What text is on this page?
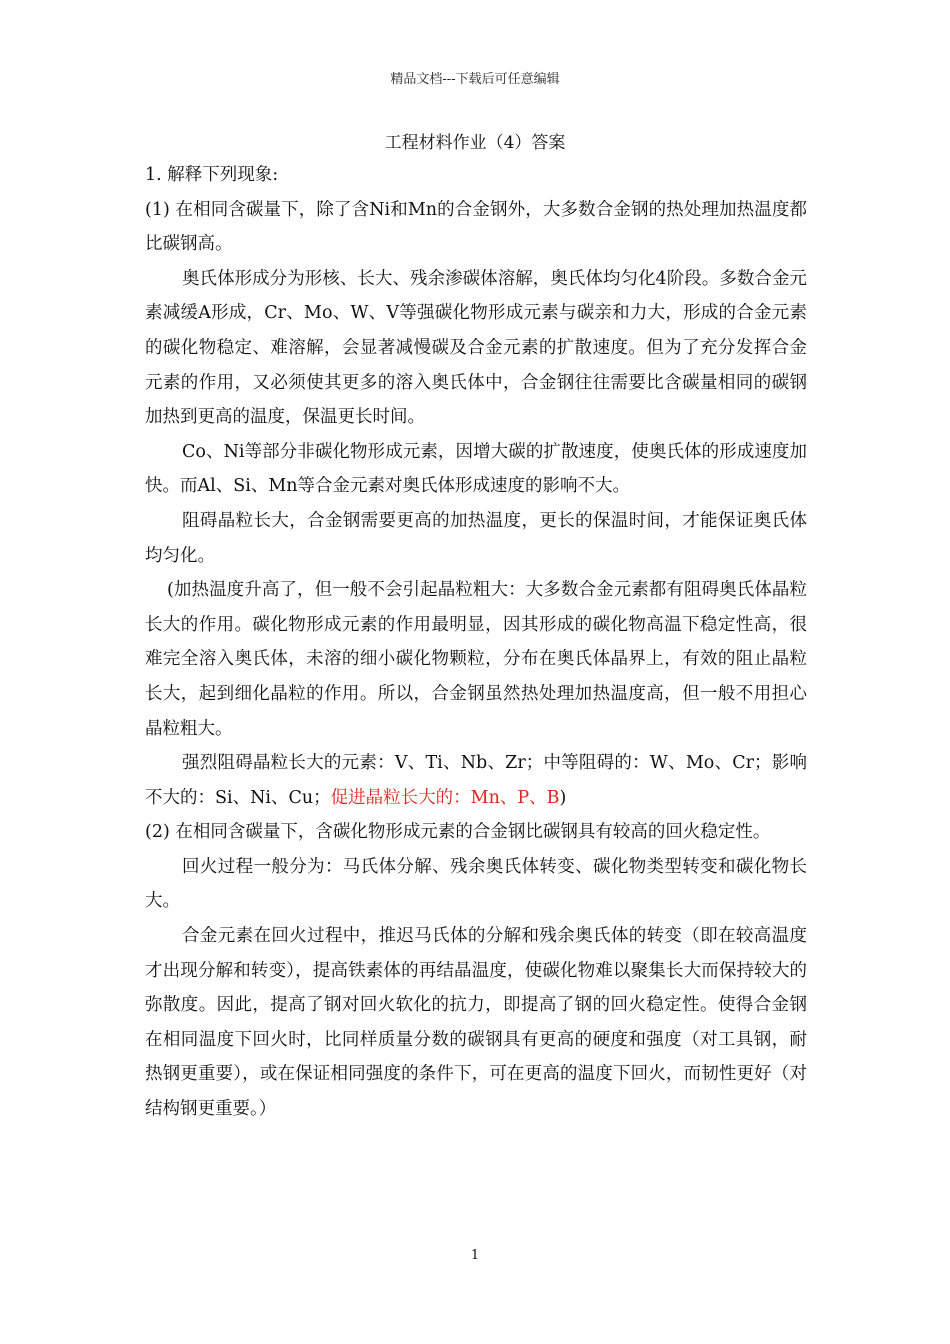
精品文档---下载后可任意编辑
工程材料作业（4）答案

1. 解释下列现象:

(1) 在相同含碳量下，除了含Ni和Mn的合金钢外，大多数合金钢的热处理加热温度都比碳钢高。

奥氏体形成分为形核、长大、残余渗碳体溶解，奥氏体均匀化4阶段。多数合金元素减缓A形成，Cr、Mo、W、V等强碳化物形成元素与碳亲和力大，形成的合金元素的碳化物稳定、难溶解，会显著减慢碳及合金元素的扩散速度。但为了充分发挥合金元素的作用，又必须使其更多的溶入奥氏体中，合金钢往往需要比含碳量相同的碳钢加热到更高的温度，保温更长时间。

Co、Ni等部分非碳化物形成元素，因增大碳的扩散速度，使奥氏体的形成速度加快。而Al、Si、Mn等合金元素对奥氏体形成速度的影响不大。

阻碍晶粒长大，合金钢需要更高的加热温度，更长的保温时间，才能保证奥氏体均匀化。

(加热温度升高了，但一般不会引起晶粒粗大：大多数合金元素都有阻碍奥氏体晶粒长大的作用。碳化物形成元素的作用最明显，因其形成的碳化物高温下稳定性高，很难完全溶入奥氏体，未溶的细小碳化物颗粒，分布在奥氏体晶界上，有效的阻止晶粒长大，起到细化晶粒的作用。所以，合金钢虽然热处理加热温度高，但一般不用担心晶粒粗大。

强烈阻碍晶粒长大的元素：V、Ti、Nb、Zr；中等阻碍的：W、Mo、Cr；影响不大的：Si、Ni、Cu；促进晶粒长大的：Mn、P、B)

(2) 在相同含碳量下，含碳化物形成元素的合金钢比碳钢具有较高的回火稳定性。

回火过程一般分为：马氏体分解、残余奥氏体转变、碳化物类型转变和碳化物长大。

合金元素在回火过程中，推迟马氏体的分解和残余奥氏体的转变（即在较高温度才出现分解和转变），提高铁素体的再结晶温度，使碳化物难以聚集长大而保持较大的弥散度。因此，提高了钢对回火软化的抗力，即提高了钢的回火稳定性。使得合金钢在相同温度下回火时，比同样质量分数的碳钢具有更高的硬度和强度（对工具钢，耐热钢更重要），或在保证相同强度的条件下，可在更高的温度下回火，而韧性更好（对结构钢更重要。）

1
